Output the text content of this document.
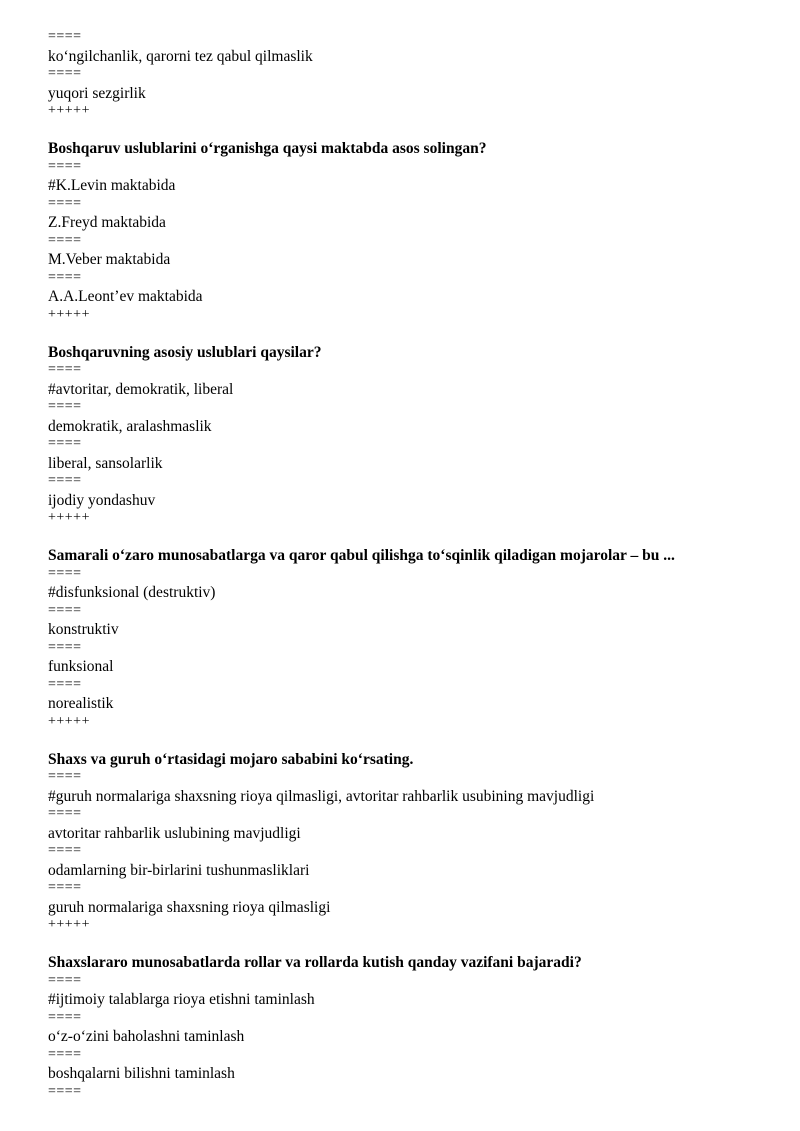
====
ko‘ngilchanlik, qarorni tez qabul qilmaslik
====
yuqori sezgirlik
+++++
Boshqaruv uslublarini o‘rganishga qaysi maktabda asos solingan?
====
#K.Levin maktabida
====
Z.Freyd maktabida
====
M.Veber maktabida
====
A.A.Leont’ev maktabida
+++++
Boshqaruvning asosiy uslublari qaysilar?
====
#avtoritar, demokratik, liberal
====
demokratik, aralashmaslik
====
liberal, sansolarlik
====
ijodiy yondashuv
+++++
Samarali o‘zaro munosabatlarga va qaror qabul qilishga to‘sqinlik qiladigan mojarolar – bu ...
====
#disfunksional (destruktiv)
====
konstruktiv
====
funksional
====
norealistik
+++++
Shaxs va guruh o‘rtasidagi mojaro sababini ko‘rsating.
====
#guruh normalariga shaxsning rioya qilmasligi, avtoritar rahbarlik usubining mavjudligi
====
avtoritar rahbarlik uslubining mavjudligi
====
odamlarning bir-birlarini tushunmasliklari
====
guruh normalariga shaxsning rioya qilmasligi
+++++
Shaxslararo munosabatlarda rollar va rollarda kutish qanday vazifani bajaradi?
====
#ijtimoiy talablarga rioya etishni taminlash
====
o‘z-o‘zini baholashni taminlash
====
boshqalarni bilishni taminlash
====
